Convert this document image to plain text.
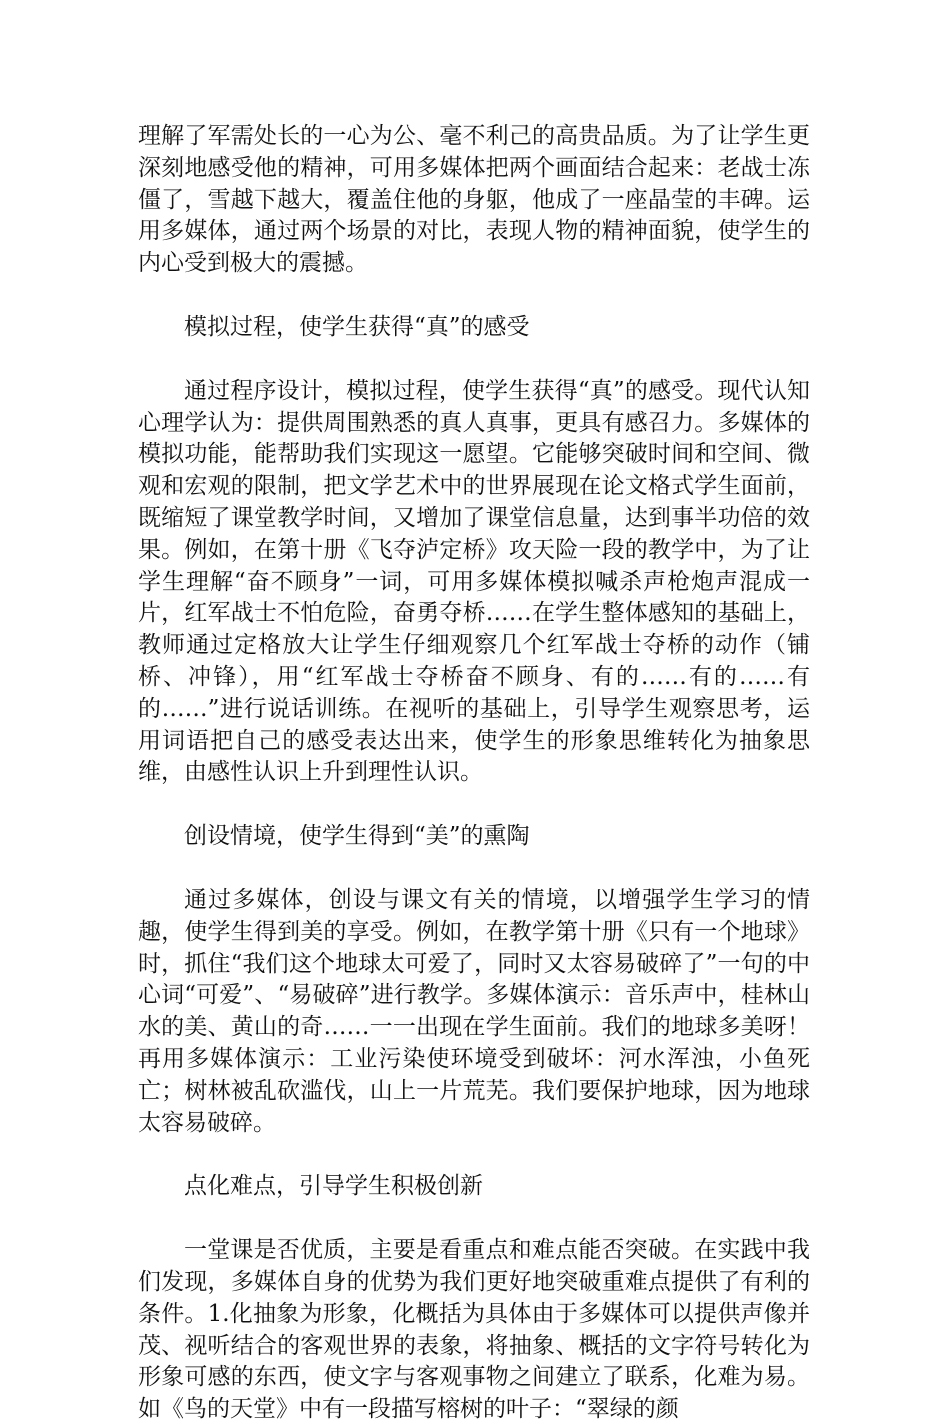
理解了军需处长的一心为公、毫不利己的高贵品质。为了让学生更深刻地感受他的精神，可用多媒体把两个画面结合起来：老战士冻僵了，雪越下越大，覆盖住他的身躯，他成了一座晶莹的丰碑。运用多媒体，通过两个场景的对比，表现人物的精神面貌，使学生的内心受到极大的震撼。

模拟过程，使学生获得“真”的感受

通过程序设计，模拟过程，使学生获得“真”的感受。现代认知心理学认为：提供周围熟悉的真人真事，更具有感召力。多媒体的模拟功能，能帮助我们实现这一愿望。它能够突破时间和空间、微观和宏观的限制，把文学艺术中的世界展现在论文格式学生面前，既缩短了课堂教学时间，又增加了课堂信息量，达到事半功倍的效果。例如，在第十册《飞夺泸定桥》攻天险一段的教学中，为了让学生理解“奋不顾身”一词，可用多媒体模拟喊杀声枪炮声混成一片，红军战士不怕危险，奋勇夺桥……在学生整体感知的基础上，教师通过定格放大让学生仔细观察几个红军战士夺桥的动作（铺桥、冲锋），用“红军战士夺桥奋不顾身、有的……有的……有的……”进行说话训练。在视听的基础上，引导学生观察思考，运用词语把自己的感受表达出来，使学生的形象思维转化为抽象思维，由感性认识上升到理性认识。

创设情境，使学生得到“美”的熏陶

通过多媒体，创设与课文有关的情境，以增强学生学习的情趣，使学生得到美的享受。例如，在教学第十册《只有一个地球》时，抓住“我们这个地球太可爱了，同时又太容易破碎了”一句的中心词“可爱”、“易破碎”进行教学。多媒体演示：音乐声中，桂林山水的美、黄山的奇……一一出现在学生面前。我们的地球多美呀！再用多媒体演示：工业污染使环境受到破坏：河水浑浊，小鱼死亡；树林被乱砍滥伐，山上一片荒芜。我们要保护地球，因为地球太容易破碎。

点化难点，引导学生积极创新

一堂课是否优质，主要是看重点和难点能否突破。在实践中我们发现，多媒体自身的优势为我们更好地突破重难点提供了有利的条件。1.化抽象为形象，化概括为具体由于多媒体可以提供声像并茂、视听结合的客观世界的表象，将抽象、概括的文字符号转化为形象可感的东西，使文字与客观事物之间建立了联系，化难为易。如《鸟的天堂》中有一段描写榕树的叶子：“翠绿的颜
